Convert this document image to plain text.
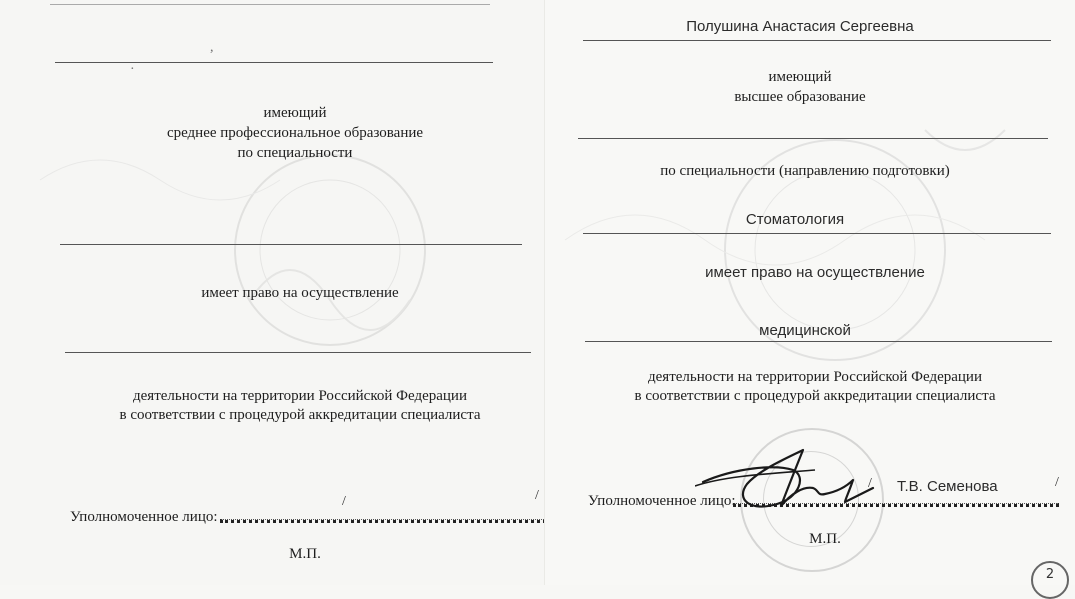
,
·
имеющий
среднее профессиональное образование
по специальности
имеет право на осуществление
деятельности на территории Российской Федерации
в соответствии с процедурой аккредитации специалиста
Уполномоченное лицо:
/	/
М.П.
Полушина Анастасия Сергеевна
имеющий
высшее образование
по специальности (направлению подготовки)
Стоматология
имеет право на осуществление
медицинской
деятельности на территории Российской Федерации
в соответствии с процедурой аккредитации специалиста
Уполномоченное лицо:
Т.В. Семенова
/	/
М.П.
2
